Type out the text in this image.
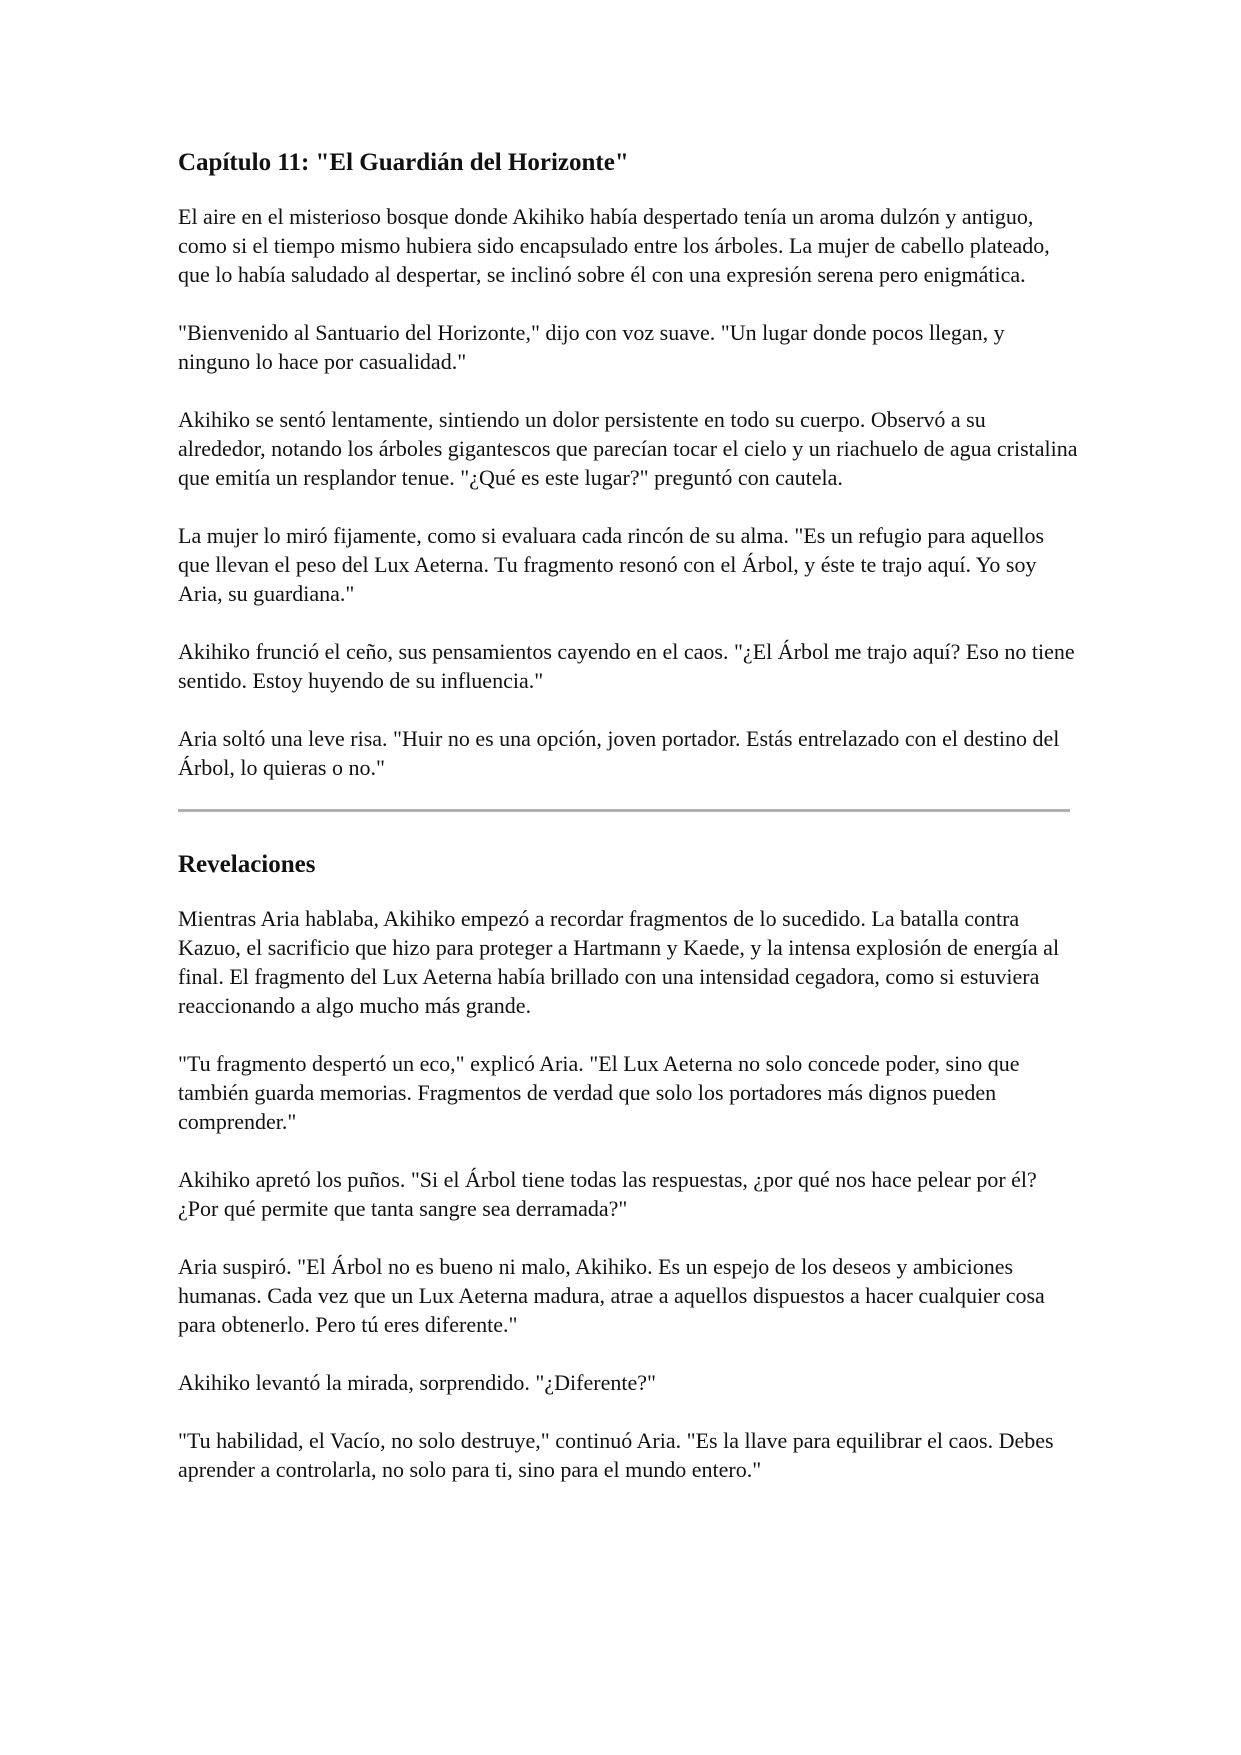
Capítulo 11: "El Guardián del Horizonte"

El aire en el misterioso bosque donde Akihiko había despertado tenía un aroma dulzón y antiguo, como si el tiempo mismo hubiera sido encapsulado entre los árboles. La mujer de cabello plateado, que lo había saludado al despertar, se inclinó sobre él con una expresión serena pero enigmática.

"Bienvenido al Santuario del Horizonte," dijo con voz suave. "Un lugar donde pocos llegan, y ninguno lo hace por casualidad."

Akihiko se sentó lentamente, sintiendo un dolor persistente en todo su cuerpo. Observó a su alrededor, notando los árboles gigantescos que parecían tocar el cielo y un riachuelo de agua cristalina que emitía un resplandor tenue. "¿Qué es este lugar?" preguntó con cautela.

La mujer lo miró fijamente, como si evaluara cada rincón de su alma. "Es un refugio para aquellos que llevan el peso del Lux Aeterna. Tu fragmento resonó con el Árbol, y éste te trajo aquí. Yo soy Aria, su guardiana."

Akihiko frunció el ceño, sus pensamientos cayendo en el caos. "¿El Árbol me trajo aquí? Eso no tiene sentido. Estoy huyendo de su influencia."

Aria soltó una leve risa. "Huir no es una opción, joven portador. Estás entrelazado con el destino del Árbol, lo quieras o no."

Revelaciones

Mientras Aria hablaba, Akihiko empezó a recordar fragmentos de lo sucedido. La batalla contra Kazuo, el sacrificio que hizo para proteger a Hartmann y Kaede, y la intensa explosión de energía al final. El fragmento del Lux Aeterna había brillado con una intensidad cegadora, como si estuviera reaccionando a algo mucho más grande.

"Tu fragmento despertó un eco," explicó Aria. "El Lux Aeterna no solo concede poder, sino que también guarda memorias. Fragmentos de verdad que solo los portadores más dignos pueden comprender."

Akihiko apretó los puños. "Si el Árbol tiene todas las respuestas, ¿por qué nos hace pelear por él? ¿Por qué permite que tanta sangre sea derramada?"

Aria suspiró. "El Árbol no es bueno ni malo, Akihiko. Es un espejo de los deseos y ambiciones humanas. Cada vez que un Lux Aeterna madura, atrae a aquellos dispuestos a hacer cualquier cosa para obtenerlo. Pero tú eres diferente."

Akihiko levantó la mirada, sorprendido. "¿Diferente?"

"Tu habilidad, el Vacío, no solo destruye," continuó Aria. "Es la llave para equilibrar el caos. Debes aprender a controlarla, no solo para ti, sino para el mundo entero."
